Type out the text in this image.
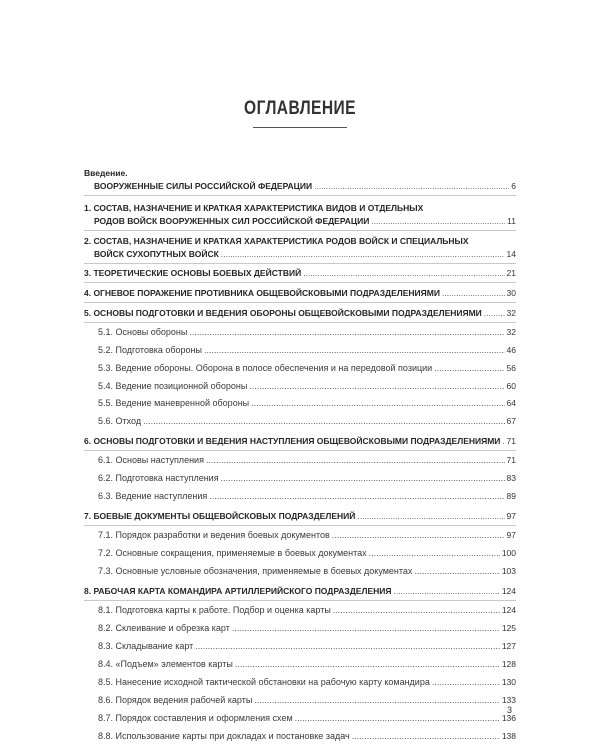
ОГЛАВЛЕНИЕ
Введение.
ВООРУЖЕННЫЕ СИЛЫ РОССИЙСКОЙ ФЕДЕРАЦИИ .....	6
1. СОСТАВ, НАЗНАЧЕНИЕ И КРАТКАЯ ХАРАКТЕРИСТИКА ВИДОВ И ОТДЕЛЬНЫХ
РОДОВ ВОЙСК ВООРУЖЕННЫХ СИЛ РОССИЙСКОЙ ФЕДЕРАЦИИ .....	11
2. СОСТАВ, НАЗНАЧЕНИЕ И КРАТКАЯ ХАРАКТЕРИСТИКА РОДОВ ВОЙСК И СПЕЦИАЛЬНЫХ
ВОЙСК СУХОПУТНЫХ ВОЙСК .....	14
3. ТЕОРЕТИЧЕСКИЕ ОСНОВЫ БОЕВЫХ ДЕЙСТВИЙ .....	21
4. ОГНЕВОЕ ПОРАЖЕНИЕ ПРОТИВНИКА ОБЩЕВОЙСКОВЫМИ ПОДРАЗДЕЛЕНИЯМИ .....	30
5. ОСНОВЫ ПОДГОТОВКИ И ВЕДЕНИЯ ОБОРОНЫ ОБЩЕВОЙСКОВЫМИ ПОДРАЗДЕЛЕНИЯМИ .....	32
5.1. Основы обороны .....	32
5.2. Подготовка обороны .....	46
5.3. Ведение обороны. Оборона в полосе обеспечения и на передовой позиции .....	56
5.4. Ведение позиционной обороны .....	60
5.5. Ведение маневренной обороны .....	64
5.6. Отход .....	67
6. ОСНОВЫ ПОДГОТОВКИ И ВЕДЕНИЯ НАСТУПЛЕНИЯ ОБЩЕВОЙСКОВЫМИ ПОДРАЗДЕЛЕНИЯМИ ..... 71
6.1. Основы наступления .....	71
6.2. Подготовка наступления .....	83
6.3. Ведение наступления .....	89
7. БОЕВЫЕ ДОКУМЕНТЫ ОБЩЕВОЙСКОВЫХ ПОДРАЗДЕЛЕНИЙ .....	97
7.1. Порядок разработки и ведения боевых документов .....	97
7.2. Основные сокращения, применяемые в боевых документах .....	100
7.3. Основные условные обозначения, применяемые в боевых документах .....	103
8. РАБОЧАЯ КАРТА КОМАНДИРА АРТИЛЛЕРИЙСКОГО ПОДРАЗДЕЛЕНИЯ .....	124
8.1. Подготовка карты к работе. Подбор и оценка карты .....	124
8.2. Склеивание и обрезка карт .....	125
8.3. Складывание карт .....	127
8.4. «Подъем» элементов карты .....	128
8.5. Нанесение исходной тактической обстановки на рабочую карту командира .....	130
8.6. Порядок ведения рабочей карты .....	133
8.7. Порядок составления и оформления схем .....	136
8.8. Использование карты при докладах и постановке задач .....	138
3
